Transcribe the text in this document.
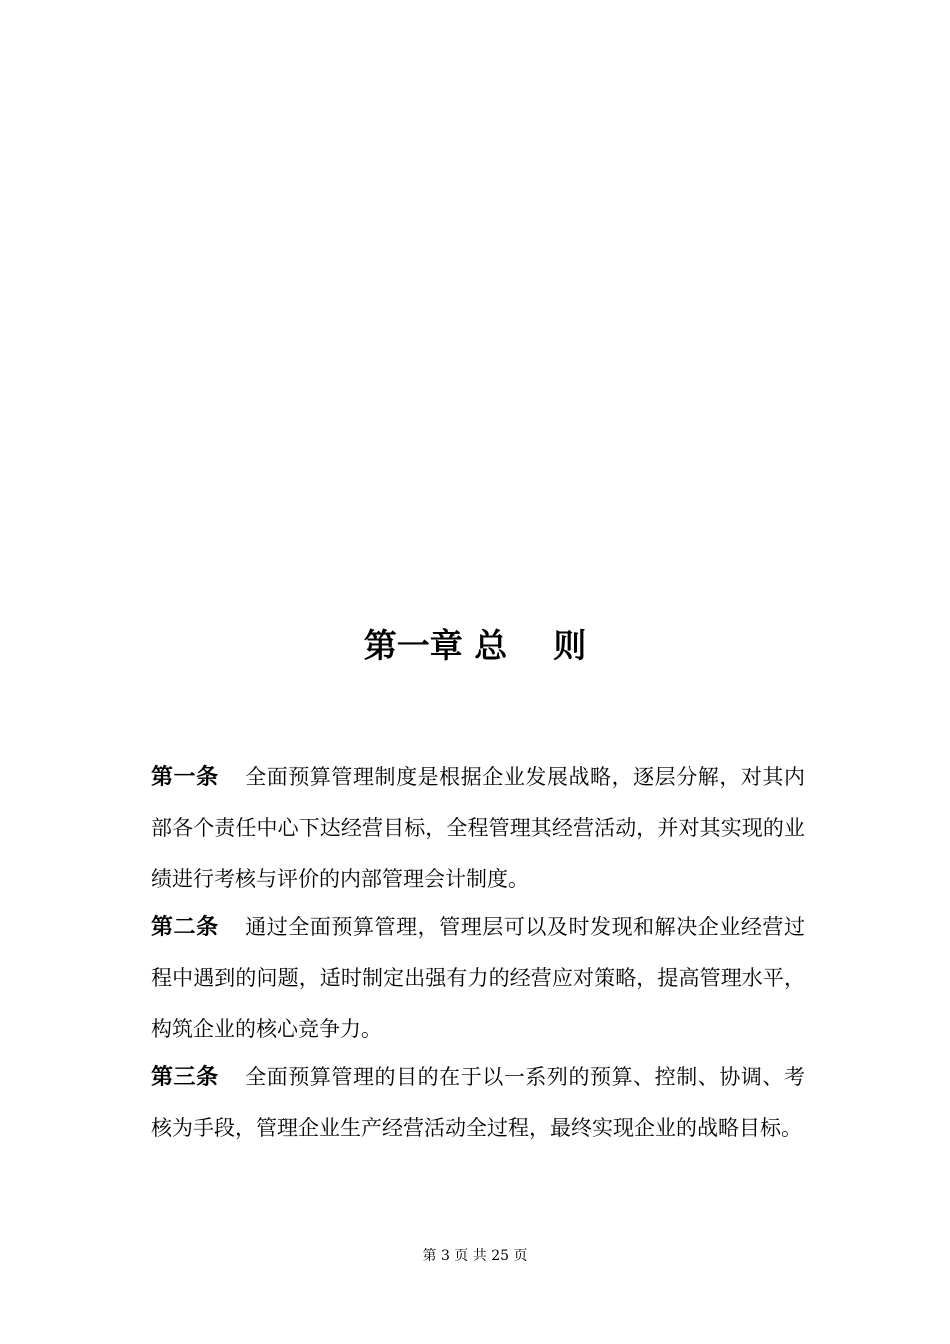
第一章 总    则
第一条 全面预算管理制度是根据企业发展战略，逐层分解，对其内部各个责任中心下达经营目标，全程管理其经营活动，并对其实现的业绩进行考核与评价的内部管理会计制度。
第二条 通过全面预算管理，管理层可以及时发现和解决企业经营过程中遇到的问题，适时制定出强有力的经营应对策略，提高管理水平，构筑企业的核心竞争力。
第三条 全面预算管理的目的在于以一系列的预算、控制、协调、考核为手段，管理企业生产经营活动全过程，最终实现企业的战略目标。
第 3 页 共 25 页
